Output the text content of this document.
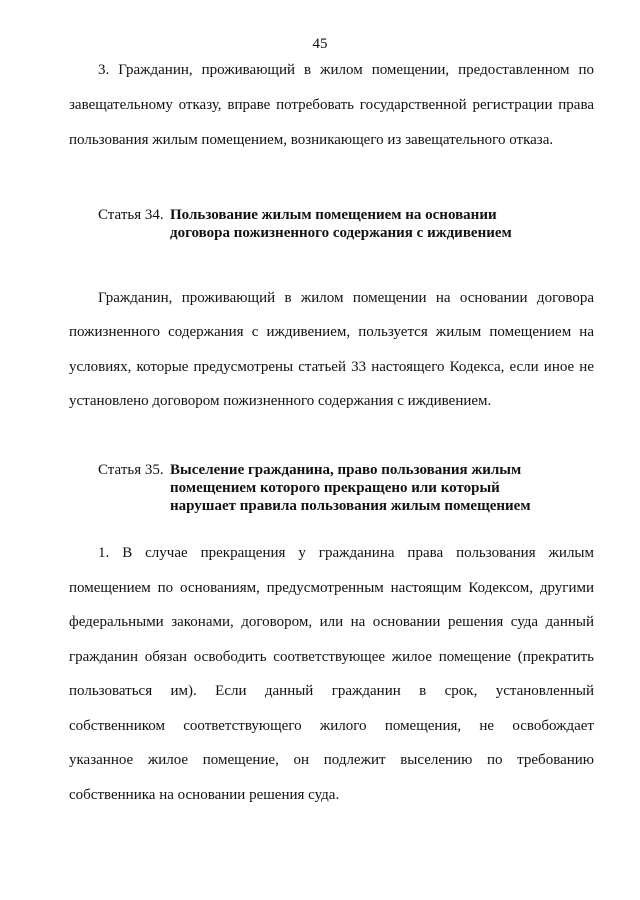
45
3. Гражданин, проживающий в жилом помещении, предоставленном по
завещательному отказу, вправе потребовать государственной регистрации права
пользования жилым помещением, возникающего из завещательного отказа.
Статья 34. Пользование жилым помещением на основании
договора пожизненного содержания с иждивением
Гражданин, проживающий в жилом помещении на основании договора
пожизненного содержания с иждивением, пользуется жилым помещением на
условиях, которые предусмотрены статьей 33 настоящего Кодекса, если иное не
установлено договором пожизненного содержания с иждивением.
Статья 35. Выселение гражданина, право пользования жилым
помещением которого прекращено или который
нарушает правила пользования жилым помещением
1. В случае прекращения у гражданина права пользования жилым
помещением по основаниям, предусмотренным настоящим Кодексом, другими
федеральными законами, договором, или на основании решения суда данный
гражданин обязан освободить соответствующее жилое помещение (прекратить
пользоваться им). Если данный гражданин в срок, установленный
собственником соответствующего жилого помещения, не освобождает
указанное жилое помещение, он подлежит выселению по требованию
собственника на основании решения суда.
